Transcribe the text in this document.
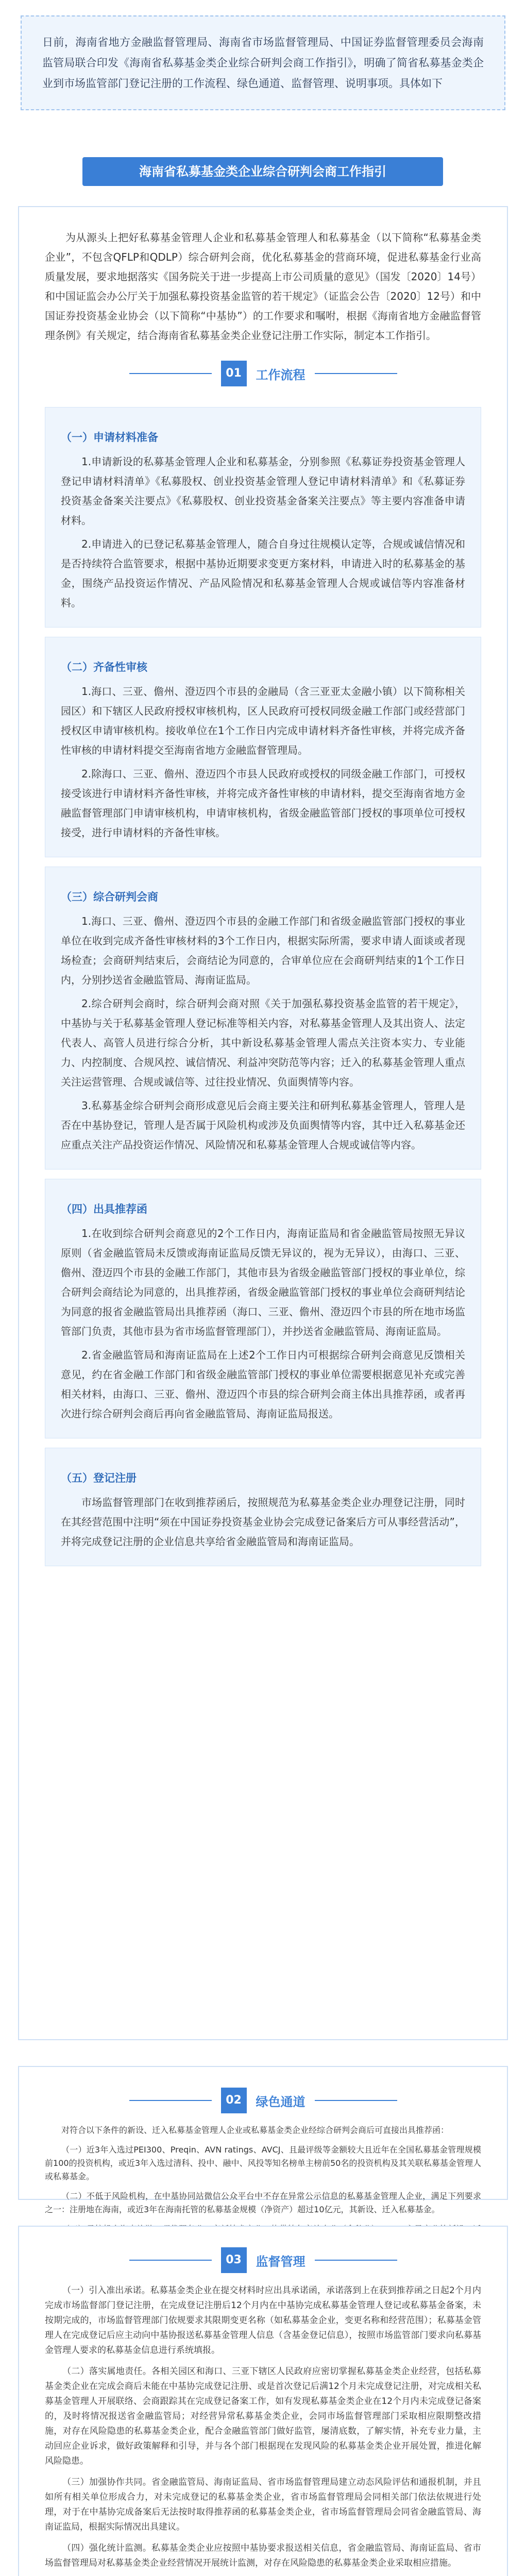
日前，海南省地方金融监督管理局、海南省市场监督管理局、中国证券监督管理委员会海南监管局联合印发《海南省私募基金类企业综合研判会商工作指引》，明确了简省私募基金类企业到市场监管部门登记注册的工作流程、绿色通道、监督管理、说明事项。具体如下

海南省私募基金类企业综合研判会商工作指引

为从源头上把好私募基金管理人企业和私募基金管理人和私募基金（以下简称“私募基金类企业”，不包含QFLP和QDLP）综合研判会商，优化私募基金的营商环境，促进私募基金行业高质量发展，要求地据落实《国务院关于进一步提高上市公司质量的意见》（国发〔2020〕14号）和中国证监会办公厅关于加强私募投资基金监管的若干规定》（证监会公告〔2020〕12号）和中国证券投资基金业协会（以下简称“中基协”）的工作要求和嘱咐，根据《海南省地方金融监督管理条例》有关规定，结合海南省私募基金类企业登记注册工作实际，制定本工作指引。

01	工作流程
（一）申请材料准备

1.申请新设的私募基金管理人企业和私募基金，分别参照《私募证券投资基金管理人登记申请材料清单》《私募股权、创业投资基金管理人登记申请材料清单》和《私募证券投资基金备案关注要点》《私募股权、创业投资基金备案关注要点》等主要内容准备申请材料。

2.申请进入的已登记私募基金管理人，随合自身过往规模认定等，合规或诚信情况和是否持续符合监管要求，根据中基协近期要求变更方案材料，申请进入时的私募基金的基金，围绕产品投资运作情况、产品风险情况和私募基金管理人合规或诚信等内容准备材料。

（二）齐备性审核

1.海口、三亚、儋州、澄迈四个市县的金融局（含三亚亚太金融小镇）以下简称相关园区）和下辖区人民政府授权审核机构，区人民政府可授权同级金融工作部门或经营部门授权区申请审核机构。接收单位在1个工作日内完成申请材料齐备性审核，并将完成齐备性审核的申请材料提交至海南省地方金融监督管理局。

2.除海口、三亚、儋州、澄迈四个市县人民政府或授权的同级金融工作部门，可授权接受该进行申请材料齐备性审核，并将完成齐备性审核的申请材料，提交至海南省地方金融监督管理部门申请审核机构，申请审核机构，省级金融监管部门授权的事项单位可授权接受，进行申请材料的齐备性审核。

（三）综合研判会商

1.海口、三亚、儋州、澄迈四个市县的金融工作部门和省级金融监管部门授权的事业单位在收到完成齐备性审核材料的3个工作日内，根据实际所需，要求申请人面谈或者现场检查；会商研判结束后，会商结论为同意的，合审单位应在会商研判结束的1个工作日内，分别抄送省金融监管局、海南证监局。

2.综合研判会商时，综合研判会商对照《关于加强私募投资基金监管的若干规定》，中基协与关于私募基金管理人登记标准等相关内容，对私募基金管理人及其出资人、法定代表人、高管人员进行综合分析，其中新设私募基金管理人需点关注资本实力、专业能力、内控制度、合规风控、诚信情况、利益冲突防范等内容；迁入的私募基金管理人重点关注运营管理、合规或诚信等、过往投业情况、负面舆情等内容。

3.私募基金综合研判会商形成意见后会商主要关注和研判私募基金管理人，管理人是否在中基协登记，管理人是否属于风险机构或涉及负面舆情等内容，其中迁入私募基金还应重点关注产品投资运作情况、风险情况和私募基金管理人合规或诚信等内容。

（四）出具推荐函

1.在收到综合研判会商意见的2个工作日内，海南证监局和省金融监管局按照无异议原则（省金融监管局未反馈或海南证监局反馈无异议的，视为无异议），由海口、三亚、儋州、澄迈四个市县的金融工作部门，其他市县为省级金融监管部门授权的事业单位，综合研判会商结论为同意的，出具推荐函，省级金融监管部门授权的事业单位会商研判结论为同意的报省金融监管局出具推荐函（海口、三亚、儋州、澄迈四个市县的所在地市场监管部门负责，其他市县为省市场监督管理部门），并抄送省金融监管局、海南证监局。

2.省金融监管局和海南证监局在上述2个工作日内可根据综合研判会商意见反馈相关意见，约在省金融工作部门和省级金融监管部门授权的事业单位需要根据意见补充或完善相关材料，由海口、三亚、儋州、澄迈四个市县的综合研判会商主体出具推荐函，或者再次进行综合研判会商后再向省金融监管局、海南证监局报送。

（五）登记注册

市场监督管理部门在收到推荐函后，按照规范为私募基金类企业办理登记注册，同时在其经营范围中注明“须在中国证券投资基金业协会完成登记备案后方可从事经营活动”，并将完成登记注册的企业信息共享给省金融监管局和海南证监局。

02	绿色通道

对符合以下条件的新设、迁入私募基金管理人企业或私募基金类企业经综合研判会商后可直接出具推荐函：

（一）近3年入选过PEI300、Preqin、AVN ratings、AVCJ、且最评级等金额较大且近年在全国私募基金管理规模前100的投资机构，或近3年入选过清科、投中、融中、风投等知名榜单主榜前50名的投资机构及其关联私募基金管理人或私募基金。

（二）不低于风险机构，在中基协同站微信公众平台中不存在异常公示信息的私募基金管理人企业，满足下列要求之一：注册地在海南，或近3年在海南托管的私募基金规模（净资产）超过10亿元，其新设、迁入私募基金。

03	监督管理

（一）引入准出承诺。私募基金类企业在提交材料时应出具承诺函，承诺落到上在获到推荐函之日起2个月内完成市场监督部门登记注册，在完成登记注册后12个月内在中基协完成私募基金管理人登记或私募基金备案，未按期完成的，市场监督管理部门依规要求其限期变更名称（如私募基金企业，变更名称和经营范围）；私募基金管理人在完成登记后应主动向中基协报送私募基金管理人信息（含基金登记信息），按照市场监管部门要求向私募基金管理人要求的私募基金信息进行系统填报。

（二）落实属地责任。各相关园区和海口、三亚下辖区人民政府应密切掌握私募基金类企业经营，包括私募基金类企业在完成会商后未能在中基协完成登记注册、或是首次登记后满12个月未完成登记注册，对完成相关私募基金管理人开展联络、会商跟踪其在完成登记备案工作，如有发现私募基金类企业在12个月内未完成登记备案的，及时将情况报送省金融监管局；对经营异常私募基金类企业，会同市场监督管理部门采取相应限期整改措施，对存在风险隐患的私募基金类企业，配合金融监管部门做好监管，屡清底数，了解实情，补充专业力量，主动回应企业诉求，做好政策解释和引导，并与各个部门根据现在发现风险的私募基金类企业开展处置，推进化解风险隐患。

（三）加强协作共同。省金融监管局、海南证监局、省市场监督管理局建立动态风险评估和通报机制，并且如所有相关单位形成合力，对未完成登记的私募基金类企业，省市场监督管理局会同相关部门依法依规进行处理，对于在中基协完成备案后无法按时取得推荐函的私募基金类企业，省市场监督管理局会同省金融监管局、海南证监局，根据实际情况出具建议。

（四）强化统计监测。私募基金类企业应按照中基协要求报送相关信息，省金融监管局、海南证监局、省市场监督管理局对私募基金类企业经营情况开展统计监测，对存在风险隐患的私募基金类企业采取相应措施。
